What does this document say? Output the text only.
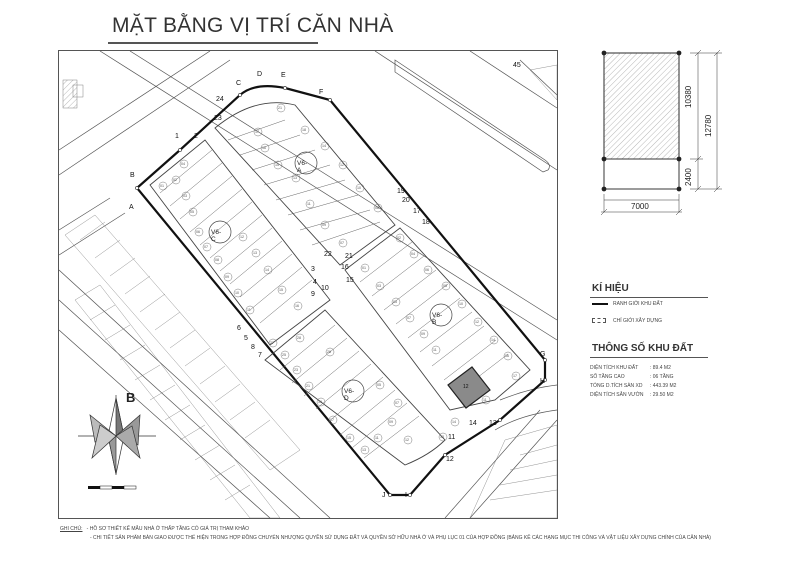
MẶT BẰNG VỊ TRÍ CĂN NHÀ
A
B
C
D	E
F
G
H
I
J
1 2
3
4
5
6
7
8
9
10
11
12
13
14
15
16
17
18
19
20
21
22
23
24
45
V6-C
V6-A
V6-D
V6-B
01
02
03
04
05
06
07
08
09
10
11
12
13
14
15
16
21
17
16
15
13
11
09
07
18
14
12
10
08
27
25
23
21
19
17
15
13
11
09
12
07
05
28
26
01
03
05
07
09
11
02
04
06
08
10
12
14
16
17
11
13
14
12
B
7000
10380
12780
2400
KÍ HIỆU
RANH GIỚI KHU ĐẤT
CHỈ GIỚI XÂY DỰNG
THÔNG SỐ KHU ĐẤT
DIỆN TÍCH KHU ĐẤT : 89.4 M2
SỐ TẦNG CAO	: 06 TẦNG
TỔNG D.TÍCH SÀN XD : 443.39 M2
DIỆN TÍCH SÂN VƯỜN : 29.50 M2
GHI CHÚ: - HỒ SƠ THIẾT KẾ MẪU NHÀ Ở THẤP TẦNG CÓ GIÁ TRỊ THAM KHẢO
- CHI TIẾT SẢN PHẨM BÀN GIAO ĐƯỢC THỂ HIỆN TRONG HỢP ĐỒNG CHUYỂN NHƯỢNG QUYỀN SỬ DỤNG ĐẤT VÀ QUYỀN SỞ HỮU NHÀ Ở VÀ PHỤ LỤC 01 CỦA HỢP ĐỒNG (BẢNG KÊ CÁC HẠNG MỤC THI CÔNG VÀ VẬT LIỆU XÂY DỰNG CHÍNH CỦA CĂN NHÀ)
